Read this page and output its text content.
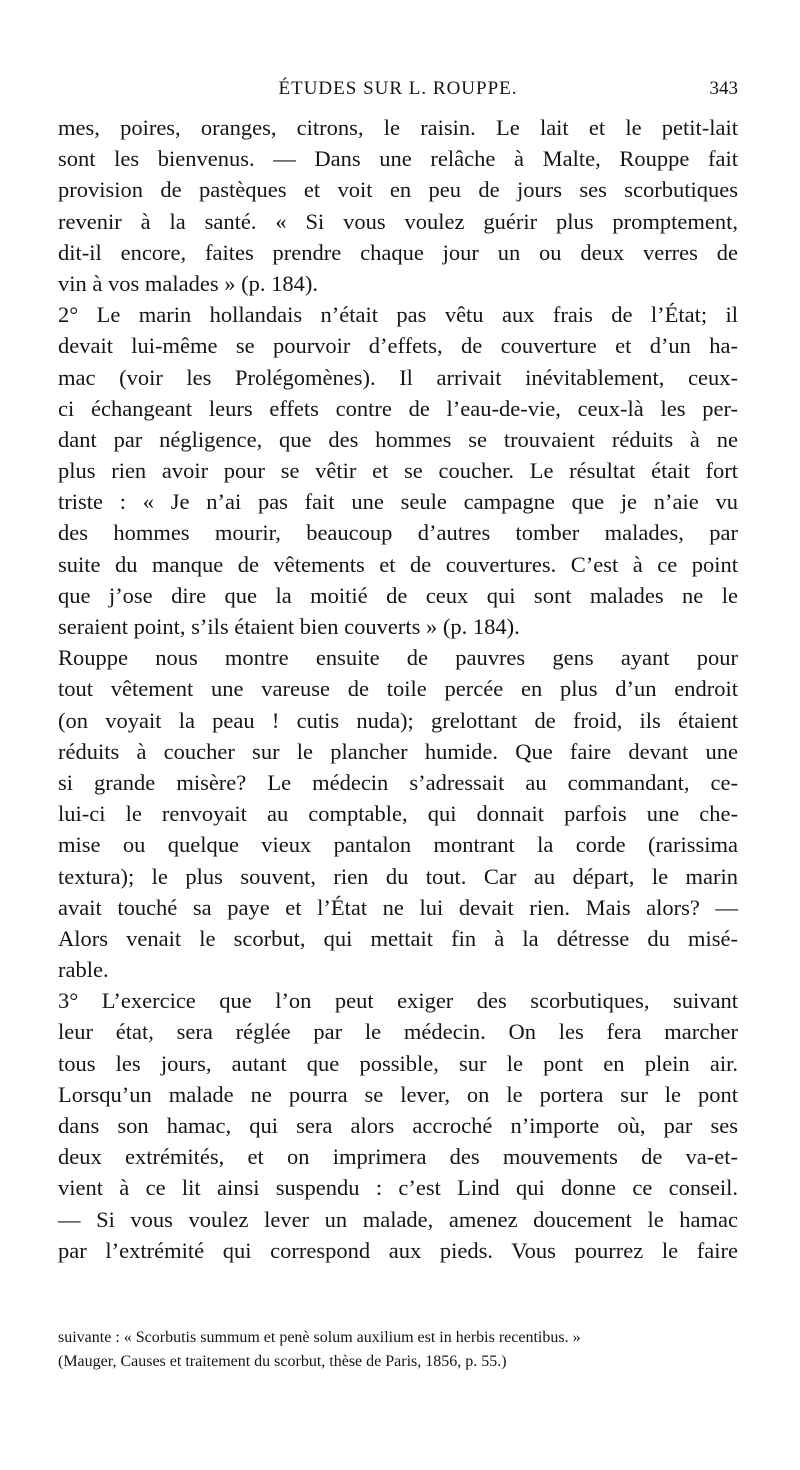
ÉTUDES SUR L. ROUPPE.	343
mes, poires, oranges, citrons, le raisin. Le lait et le petit-lait
sont les bienvenus. — Dans une relâche à Malte, Rouppe fait
provision de pastèques et voit en peu de jours ses scorbutiques
revenir à la santé. « Si vous voulez guérir plus promptement,
dit-il encore, faites prendre chaque jour un ou deux verres de
vin à vos malades » (p. 184).
2° Le marin hollandais n’était pas vêtu aux frais de l’État; il
devait lui-même se pourvoir d’effets, de couverture et d’un ha-
mac (voir les Prolégomènes). Il arrivait inévitablement, ceux-
ci échangeant leurs effets contre de l’eau-de-vie, ceux-là les per-
dant par négligence, que des hommes se trouvaient réduits à ne
plus rien avoir pour se vêtir et se coucher. Le résultat était fort
triste : « Je n’ai pas fait une seule campagne que je n’aie vu
des hommes mourir, beaucoup d’autres tomber malades, par
suite du manque de vêtements et de couvertures. C’est à ce point
que j’ose dire que la moitié de ceux qui sont malades ne le
seraient point, s’ils étaient bien couverts » (p. 184).
Rouppe nous montre ensuite de pauvres gens ayant pour
tout vêtement une vareuse de toile percée en plus d’un endroit
(on voyait la peau ! cutis nuda); grelottant de froid, ils étaient
réduits à coucher sur le plancher humide. Que faire devant une
si grande misère? Le médecin s’adressait au commandant, ce-
lui-ci le renvoyait au comptable, qui donnait parfois une che-
mise ou quelque vieux pantalon montrant la corde (rarissima
textura); le plus souvent, rien du tout. Car au départ, le marin
avait touché sa paye et l’État ne lui devait rien. Mais alors? —
Alors venait le scorbut, qui mettait fin à la détresse du misé-
rable.
3° L’exercice que l’on peut exiger des scorbutiques, suivant
leur état, sera réglée par le médecin. On les fera marcher
tous les jours, autant que possible, sur le pont en plein air.
Lorsqu’un malade ne pourra se lever, on le portera sur le pont
dans son hamac, qui sera alors accroché n’importe où, par ses
deux extrémités, et on imprimera des mouvements de va-et-
vient à ce lit ainsi suspendu : c’est Lind qui donne ce conseil.
— Si vous voulez lever un malade, amenez doucement le hamac
par l’extrémité qui correspond aux pieds. Vous pourrez le faire
suivante : « Scorbutis summum et penè solum auxilium est in herbis recentibus. »
(Mauger, Causes et traitement du scorbut, thèse de Paris, 1856, p. 55.)
